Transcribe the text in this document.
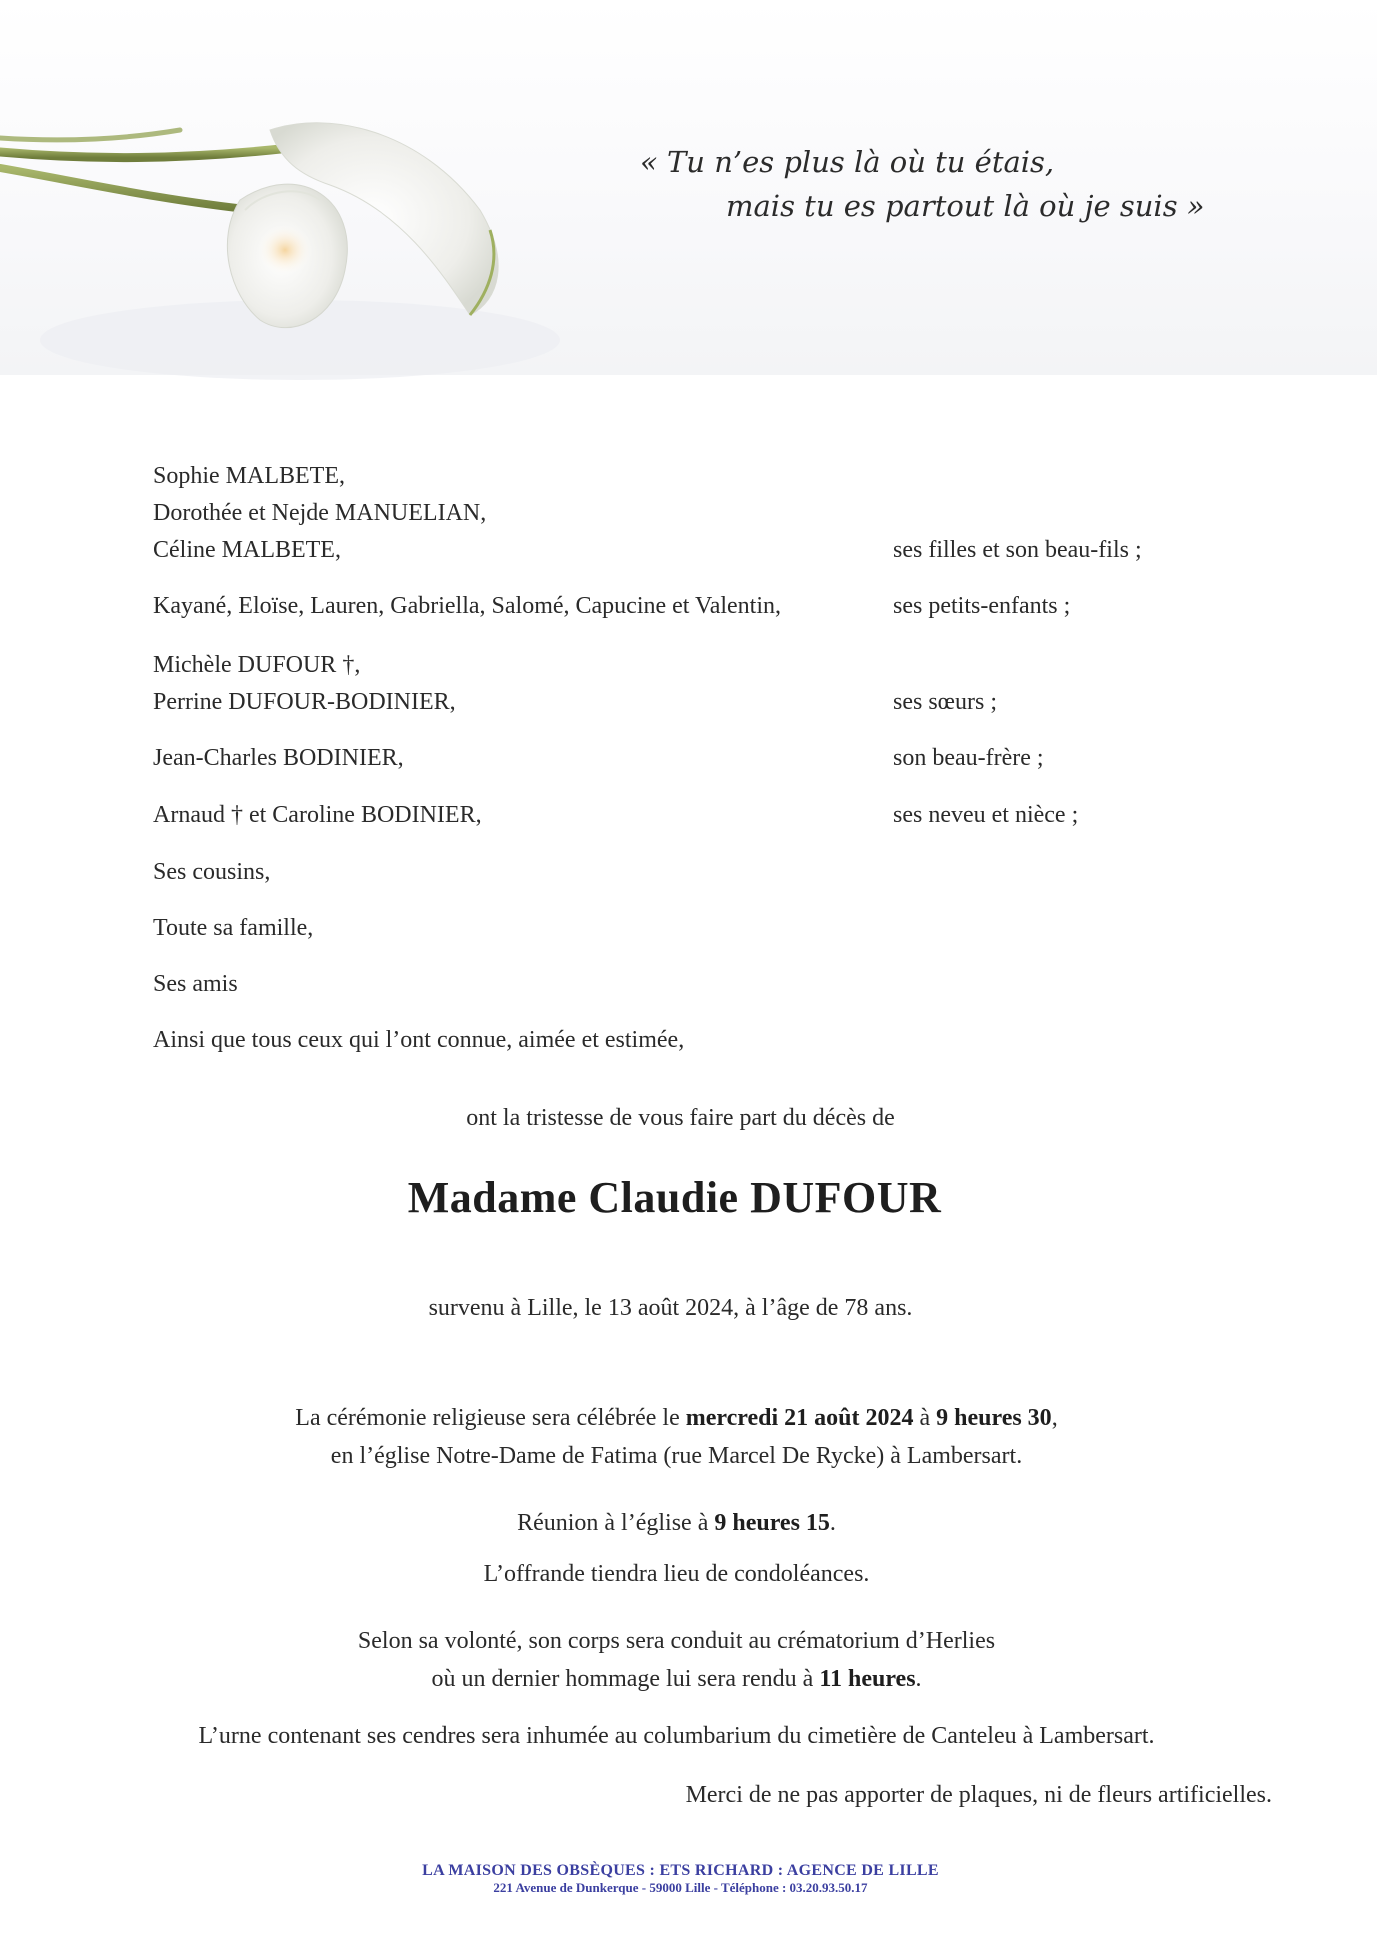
« Tu n’es plus là où tu étais,
mais tu es partout là où je suis »
Sophie MALBETE,
Dorothée et Nejde MANUELIAN,
Céline MALBETE,	ses filles et son beau-fils ;
Kayané, Eloïse, Lauren, Gabriella, Salomé, Capucine et Valentin,	ses petits-enfants ;
Michèle DUFOUR †,
Perrine DUFOUR-BODINIER,	ses sœurs ;
Jean-Charles BODINIER,	son beau-frère ;
Arnaud † et Caroline BODINIER,	ses neveu et nièce ;
Ses cousins,
Toute sa famille,
Ses amis
Ainsi que tous ceux qui l’ont connue, aimée et estimée,
ont la tristesse de vous faire part du décès de
Madame Claudie DUFOUR
survenu à Lille, le 13 août 2024, à l’âge de 78 ans.
La cérémonie religieuse sera célébrée le mercredi 21 août 2024 à 9 heures 30,
en l’église Notre-Dame de Fatima (rue Marcel De Rycke) à Lambersart.
Réunion à l’église à 9 heures 15.
L’offrande tiendra lieu de condoléances.
Selon sa volonté, son corps sera conduit au crématorium d’Herlies
où un dernier hommage lui sera rendu à 11 heures.
L’urne contenant ses cendres sera inhumée au columbarium du cimetière de Canteleu à Lambersart.
Merci de ne pas apporter de plaques, ni de fleurs artificielles.
LA MAISON DES OBSÈQUES : ETS RICHARD : AGENCE DE LILLE
221 Avenue de Dunkerque - 59000 Lille - Téléphone : 03.20.93.50.17
